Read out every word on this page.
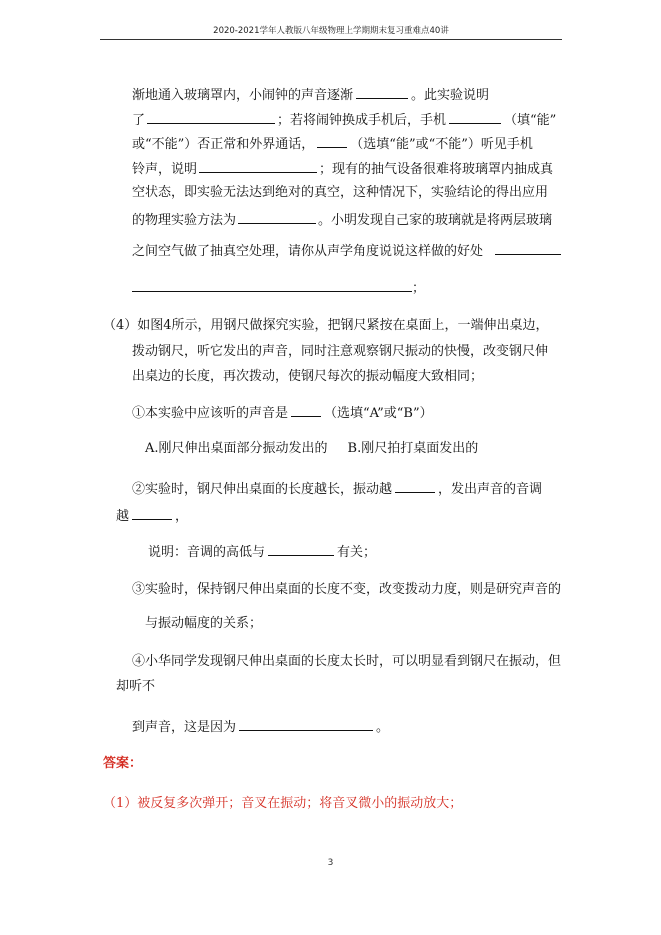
2020-2021学年人教版八年级物理上学期期末复习重难点40讲
渐地通入玻璃罩内，小闹钟的声音逐渐	。此实验说明
了	；若将闹钟换成手机后，手机	（填“能”
或“不能”）否正常和外界通话，	（选填“能”或“不能”）听见手机
铃声，说明	；现有的抽气设备很难将玻璃罩内抽成真
空状态，即实验无法达到绝对的真空，这种情况下，实验结论的得出应用
的物理实验方法为	。小明发现自己家的玻璃就是将两层玻璃
之间空气做了抽真空处理，请你从声学角度说说这样做的好处
；
（4）如图4所示，用钢尺做探究实验，把钢尺紧按在桌面上，一端伸出桌边，
拨动钢尺，听它发出的声音，同时注意观察钢尺振动的快慢，改变钢尺伸
出桌边的长度，再次拨动，使钢尺每次的振动幅度大致相同；
①本实验中应该听的声音是	（选填“A”或“B”）
A.刚尺伸出桌面部分振动发出的 B.刚尺拍打桌面发出的
②实验时，钢尺伸出桌面的长度越长，振动越	，发出声音的音调
越	，
说明：音调的高低与	有关；
③实验时，保持钢尺伸出桌面的长度不变，改变拨动力度，则是研究声音的
与振动幅度的关系；
④小华同学发现钢尺伸出桌面的长度太长时，可以明显看到钢尺在振动，但
却听不
到声音，这是因为	。
答案：
（1）被反复多次弹开；音叉在振动；将音叉微小的振动放大；
3
